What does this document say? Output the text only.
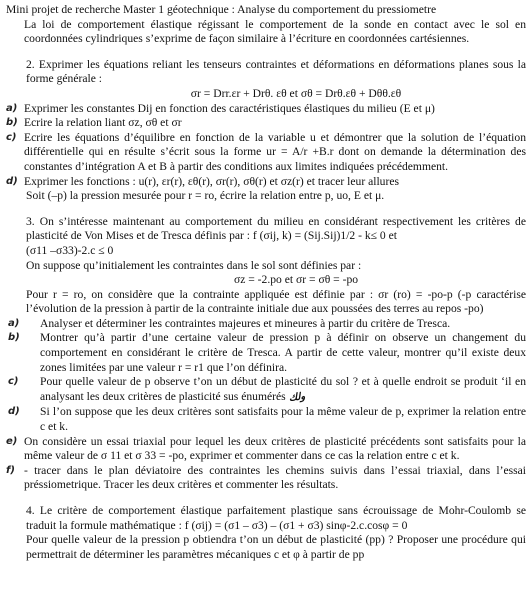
Mini projet de recherche Master 1 géotechnique : Analyse du comportement du pressiometre

La loi de comportement élastique régissant le comportement de la sonde en contact avec le sol en coordonnées cylindriques s’exprime de façon similaire à l’écriture en coordonnées cartésiennes.

2. Exprimer les équations reliant les tenseurs contraintes et déformations en déformations planes sous la forme générale :

σr = Drr.εr + Drθ. εθ et σθ = Drθ.εθ + Dθθ.εθ

a) Exprimer les constantes Dij en fonction des caractéristiques élastiques du milieu (E et μ)
b) Ecrire la relation liant σz, σθ et σr
c) Ecrire les équations d’équilibre en fonction de la variable u et démontrer que la solution de l’équation différentielle qui en résulte s’écrit sous la forme ur = A/r +B.r dont on demande la détermination des constantes d’intégration A et B à partir des conditions aux limites indiquées précédemment.
d) Exprimer les fonctions : u(r), εr(r), εθ(r), σr(r), σθ(r) et σz(r) et tracer leur allures

Soit (–p) la pression mesurée pour r = ro, écrire la relation entre p, uo, E et μ.

3. On s’intéresse maintenant au comportement du milieu en considérant respectivement les critères de plasticité de Von Mises et de Tresca définis par : f (σij, k) = (Sij.Sij)1/2 - k≤ 0 et

(σ11 –σ33)-2.c ≤ 0

On suppose qu’initialement les contraintes dans le sol sont définies par :

σz = -2.po et σr = σθ = -po

Pour r = ro, on considère que la contrainte appliquée est définie par : σr (ro) = -po-p (-p caractérise l’évolution de la pression à partir de la contrainte initiale due aux poussées des terres au repos -po)

a) Analyser et déterminer les contraintes majeures et mineures à partir du critère de Tresca.
b) Montrer qu’à partir d’une certaine valeur de pression p à définir on observe un changement du comportement en considérant le critère de Tresca. A partir de cette valeur, montrer qu’il existe deux zones limitées par une valeur r = r1 que l’on définira.
c) Pour quelle valeur de p observe t’on un début de plasticité du sol ? et à quelle endroit se produit ‘il en analysant les deux critères de plasticité sus énumérés ولك
d) Si l’on suppose que les deux critères sont satisfaits pour la même valeur de p, exprimer la relation entre c et k.
e) On considère un essai triaxial pour lequel les deux critères de plasticité précédents sont satisfaits pour la même valeur de σ 11 et σ 33 = -po, exprimer et commenter dans ce cas la relation entre c et k.
f) - tracer dans le plan déviatoire des contraintes les chemins suivis dans l’essai triaxial, dans l’essai préssiometrique. Tracer les deux critères et commenter les résultats.

4. Le critère de comportement élastique parfaitement plastique sans écrouissage de Mohr-Coulomb se traduit la formule mathématique : f (σij) = (σ1 – σ3) – (σ1 + σ3) sinφ-2.c.cosφ = 0

Pour quelle valeur de la pression p obtiendra t’on un début de plasticité (pp) ? Proposer une procédure qui permettrait de déterminer les paramètres mécaniques c et φ à partir de pp
